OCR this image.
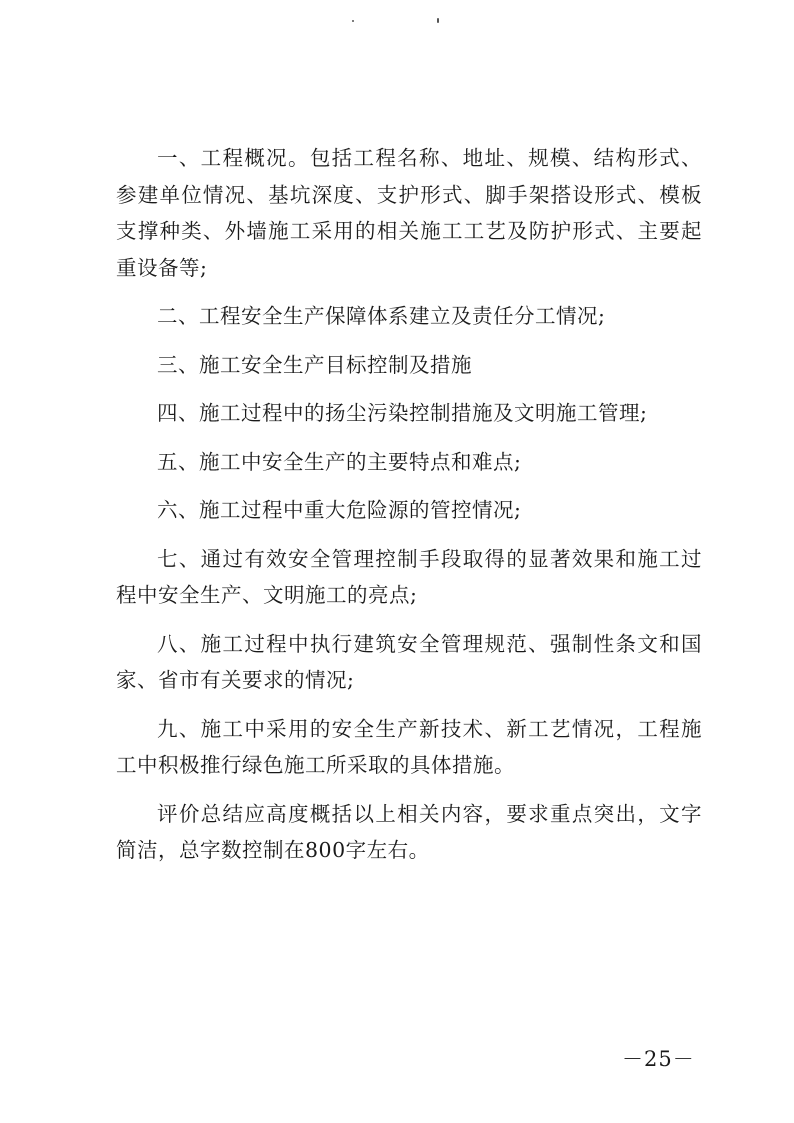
一、工程概况。包括工程名称、地址、规模、结构形式、参建单位情况、基坑深度、支护形式、脚手架搭设形式、模板支撑种类、外墙施工采用的相关施工工艺及防护形式、主要起重设备等;

二、工程安全生产保障体系建立及责任分工情况;

三、施工安全生产目标控制及措施

四、施工过程中的扬尘污染控制措施及文明施工管理;

五、施工中安全生产的主要特点和难点;

六、施工过程中重大危险源的管控情况;

七、通过有效安全管理控制手段取得的显著效果和施工过程中安全生产、文明施工的亮点;

八、施工过程中执行建筑安全管理规范、强制性条文和国家、省市有关要求的情况;

九、施工中采用的安全生产新技术、新工艺情况，工程施工中积极推行绿色施工所采取的具体措施。

评价总结应高度概括以上相关内容，要求重点突出，文字简洁，总字数控制在800字左右。

－25－
